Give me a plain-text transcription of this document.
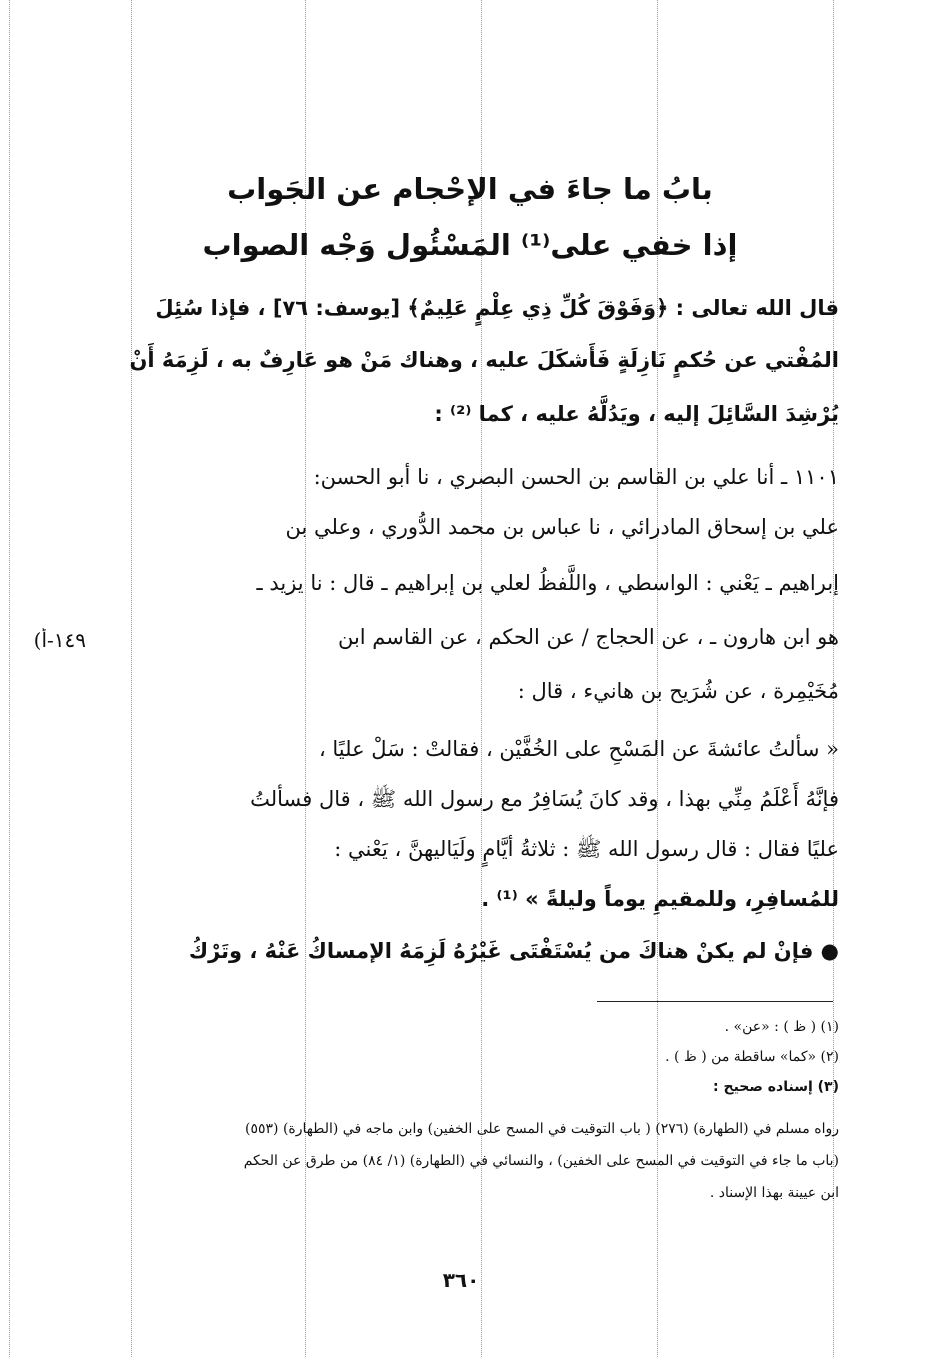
بابُ ما جاءَ في الإحْجام عن الجَواب
إذا خفي على⁽¹⁾ المَسْئُول وَجْه الصواب

قال الله تعالى : ﴿وَفَوْقَ كُلِّ ذِي عِلْمٍ عَلِيمٌ﴾ [يوسف: ٧٦] ، فإذا سُئِلَ

المُفْتي عن حُكمٍ نَازِلَةٍ فَأَشكَلَ عليه ، وهناك مَنْ هو عَارِفٌ به ، لَزِمَهُ أَنْ

يُرْشِدَ السَّائِلَ إليه ، ويَدُلَّهُ عليه ، كما ⁽²⁾ :

١١٠١ ـ أنا علي بن القاسم بن الحسن البصري ، نا أبو الحسن:

علي بن إسحاق المادرائي ، نا عباس بن محمد الدُّوري ، وعلي بن

إبراهيم ـ يَعْني : الواسطي ، واللَّفظُ لعلي بن إبراهيم ـ قال : نا يزيد ـ

هو ابن هارون ـ ، عن الحجاج / عن الحكم ، عن القاسم ابن

مُخَيْمِرة ، عن شُرَيح بن هانيء ، قال :

(١٤٩-أ

« سألتُ عائشةَ عن المَسْحِ على الخُفَّيْن ، فقالتْ : سَلْ عليًا ،

فإنَّهُ أَعْلَمُ مِنِّي بهذا ، وقد كانَ يُسَافِرُ مع رسول الله ﷺ ، قال فسألتُ

عليًا فقال : قال رسول الله ﷺ : ثلاثةُ أيَّامٍ ولَيَاليهنَّ ، يَعْني :

للمُسافِرِ، وللمقيمِ يوماً وليلةً » ⁽¹⁾ .

● فإنْ لم يكنْ هناكَ من يُسْتَفْتَى غَيْرُهُ لَزِمَهُ الإمساكُ عَنْهُ ، وتَرْكُ

(١) ( ظ ) : «عن» .

(٢) «كما» ساقطة من ( ظ ) .

(٣) إسناده صحيح :

رواه مسلم في (الطهارة) (٢٧٦) ( باب التوقيت في المسح على الخفين) وابن ماجه في (الطهارة) (٥٥٣)

(باب ما جاء في التوقيت في المسح على الخفين) ، والنسائي في (الطهارة) (١/ ٨٤) من طرق عن الحكم

ابن عيينة بهذا الإسناد .

٣٦٠
